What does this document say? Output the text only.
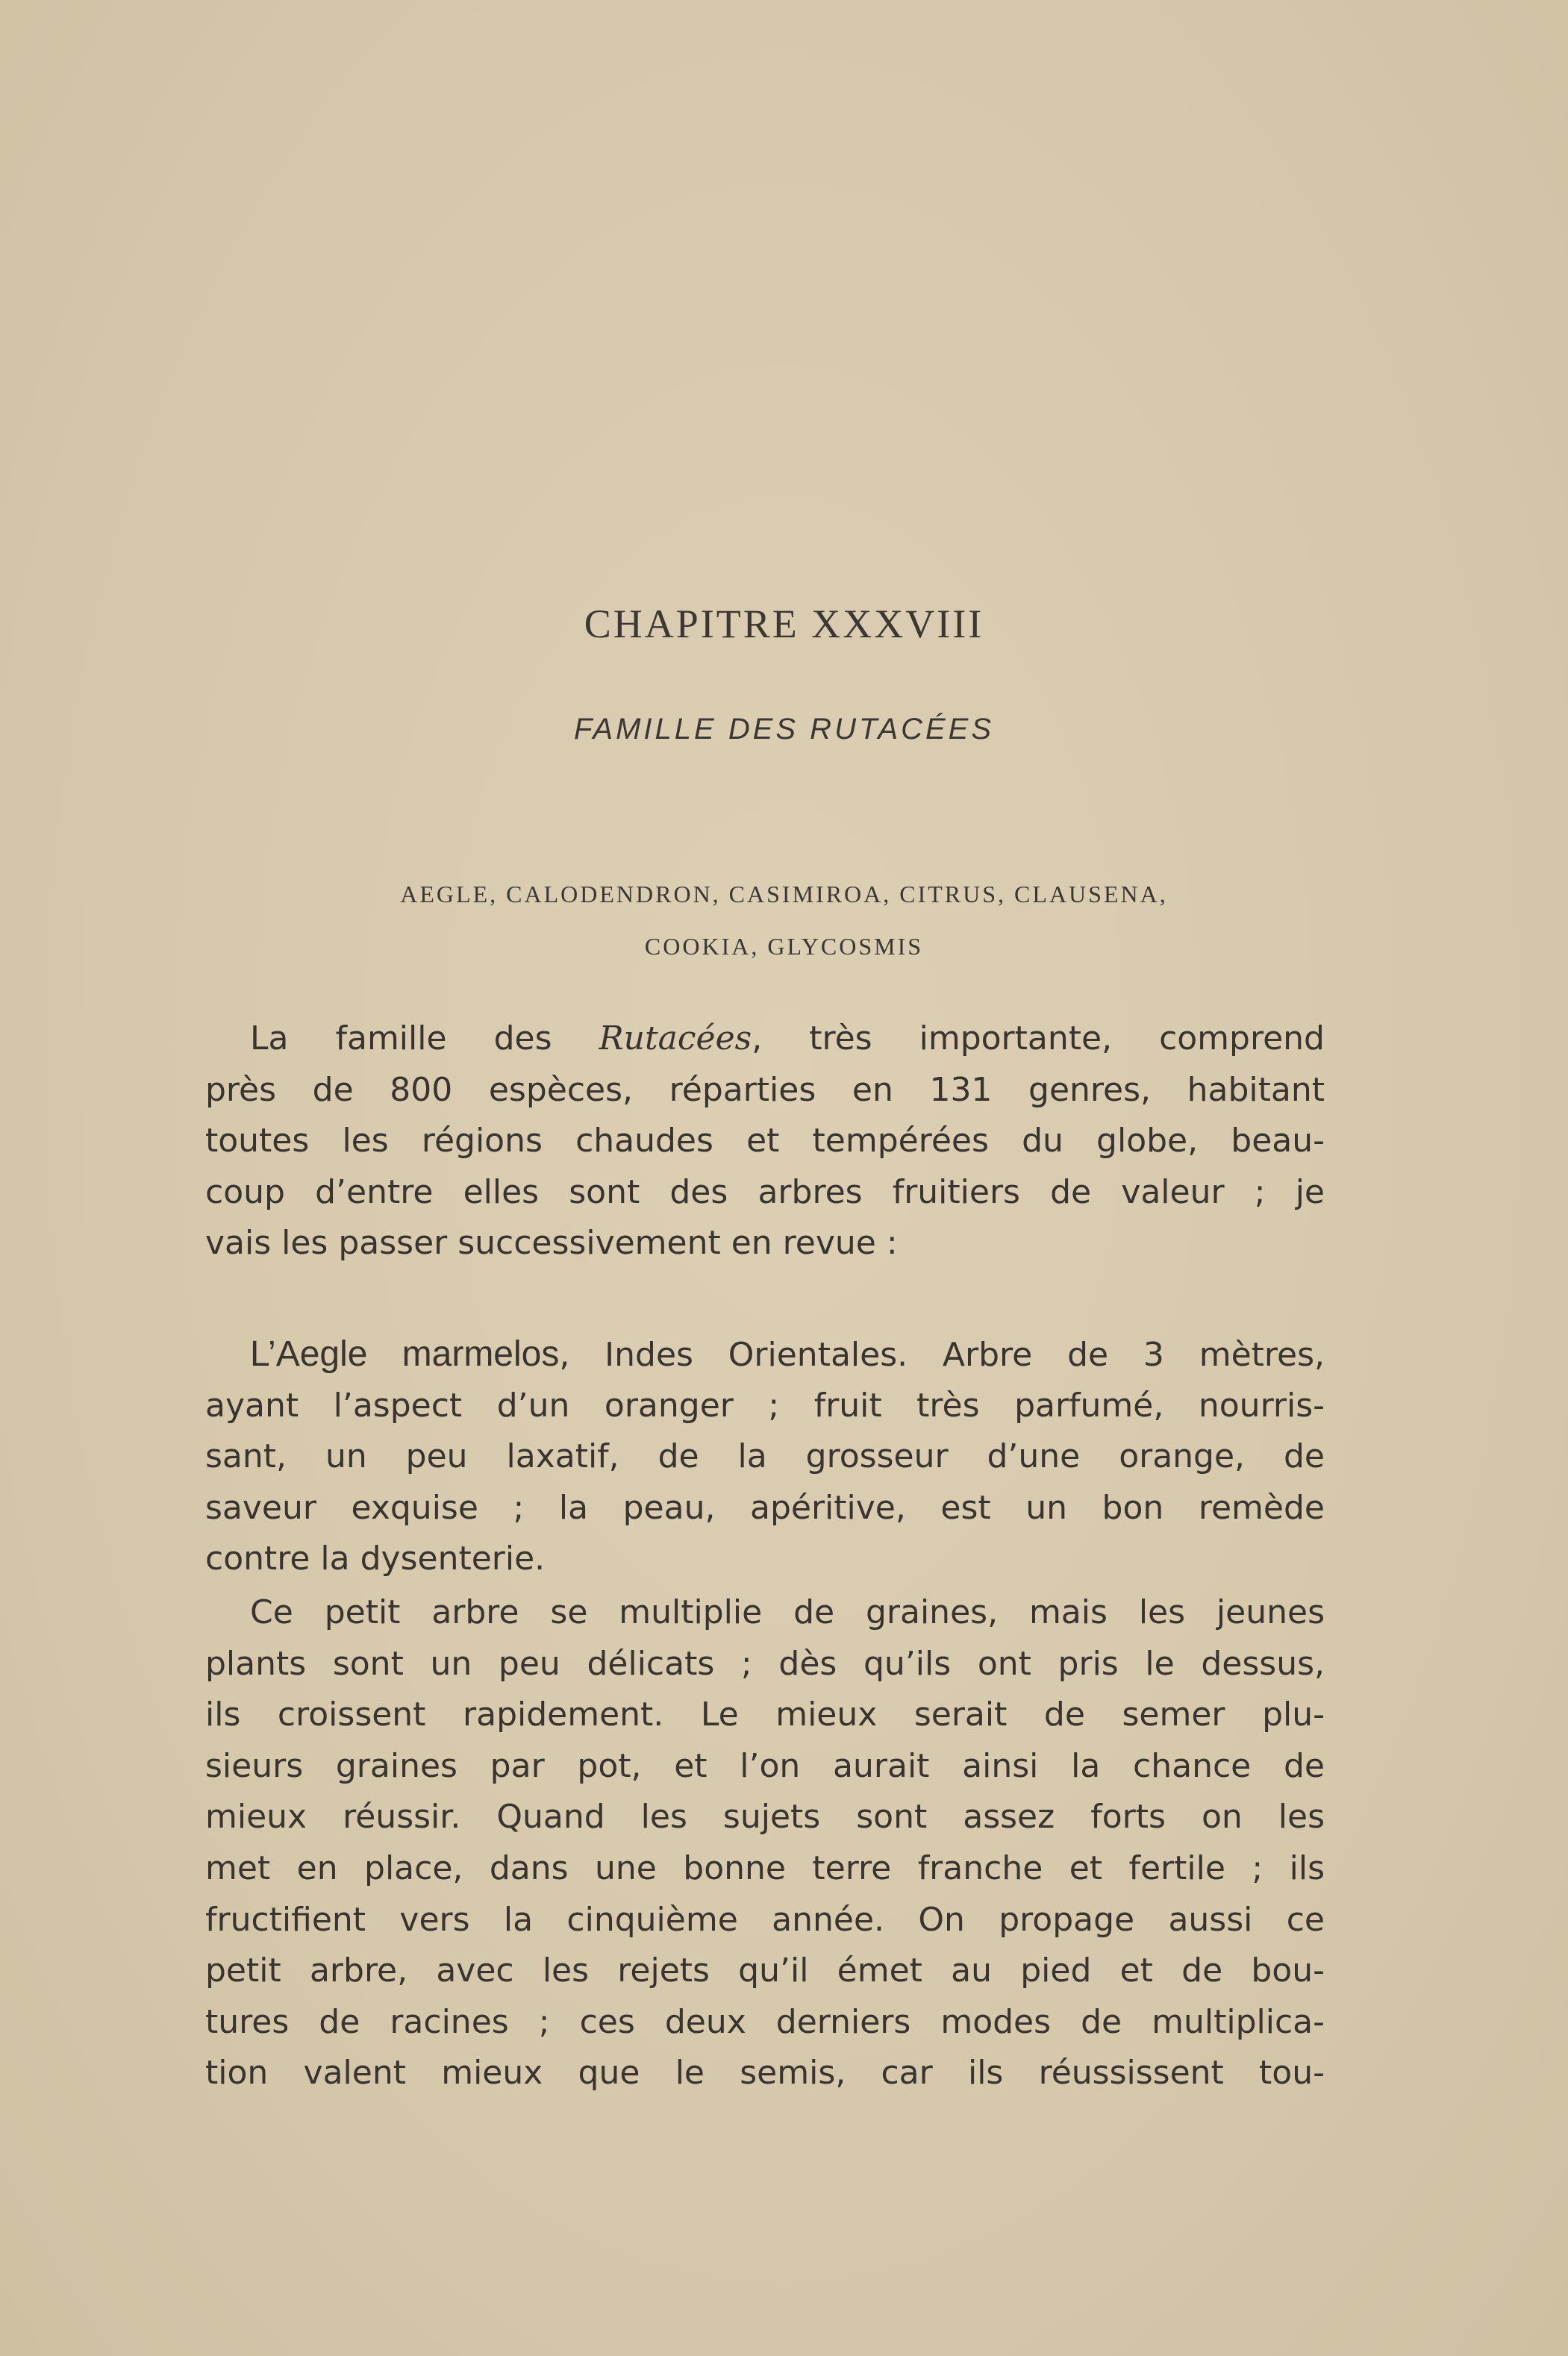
CHAPITRE XXXVIII
FAMILLE DES RUTACÉES
AEGLE, CALODENDRON, CASIMIROA, CITRUS, CLAUSENA,
COOKIA, GLYCOSMIS
La famille des Rutacées, très importante, comprend
près de 800 espèces, réparties en 131 genres, habitant
toutes les régions chaudes et tempérées du globe, beau-
coup d’entre elles sont des arbres fruitiers de valeur ; je
vais les passer successivement en revue :
L’Aegle marmelos, Indes Orientales. Arbre de 3 mètres,
ayant l’aspect d’un oranger ; fruit très parfumé, nourris-
sant, un peu laxatif, de la grosseur d’une orange, de
saveur exquise ; la peau, apéritive, est un bon remède
contre la dysenterie.
Ce petit arbre se multiplie de graines, mais les jeunes
plants sont un peu délicats ; dès qu’ils ont pris le dessus,
ils croissent rapidement. Le mieux serait de semer plu-
sieurs graines par pot, et l’on aurait ainsi la chance de
mieux réussir. Quand les sujets sont assez forts on les
met en place, dans une bonne terre franche et fertile ; ils
fructifient vers la cinquième année. On propage aussi ce
petit arbre, avec les rejets qu’il émet au pied et de bou-
tures de racines ; ces deux derniers modes de multiplica-
tion valent mieux que le semis, car ils réussissent tou-
